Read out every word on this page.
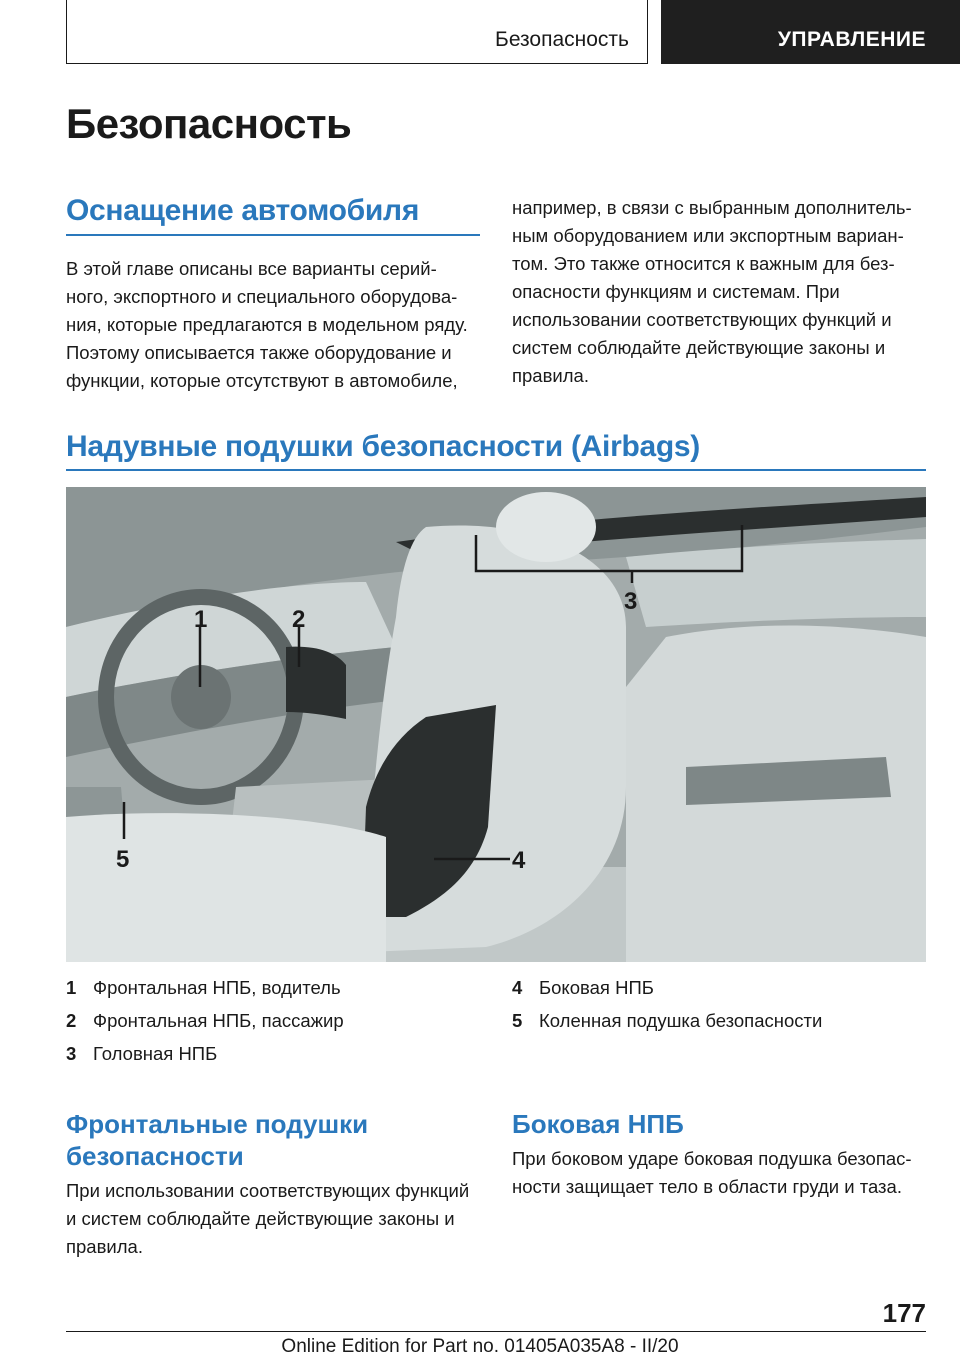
Безопасность	УПРАВЛЕНИЕ
Безопасность
Оснащение автомобиля

В этой главе описаны все варианты серий-
ного, экспортного и специального оборудова-
ния, которые предлагаются в модельном ряду.
Поэтому описывается также оборудование и
функции, которые отсутствуют в автомобиле,

например, в связи с выбранным дополнитель-
ным оборудованием или экспортным вариан-
том. Это также относится к важным для без-
опасности функциям и системам. При
использовании соответствующих функций и
систем соблюдайте действующие законы и
правила.

Надувные подушки безопасности (Airbags)
1	2
3
4
5
1 Фронтальная НПБ, водитель
2 Фронтальная НПБ, пассажир
3 Головная НПБ
4 Боковая НПБ
5 Коленная подушка безопасности
Фронтальные подушки
безопасности

При использовании соответствующих функций
и систем соблюдайте действующие законы и
правила.

Боковая НПБ

При боковом ударе боковая подушка безопас-
ности защищает тело в области груди и таза.

177
Online Edition for Part no. 01405A035A8 - II/20
